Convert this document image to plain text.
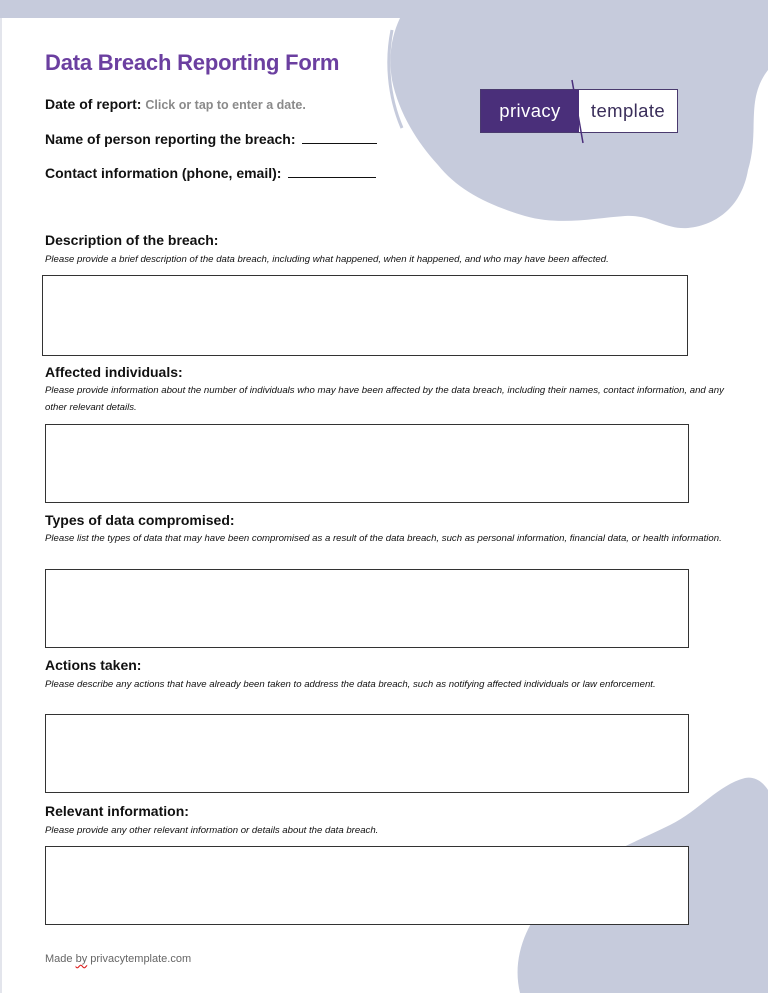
Data Breach Reporting Form
Date of report: Click or tap to enter a date.
Name of person reporting the breach:
Contact information (phone, email):
privacy	template
Description of the breach:
Please provide a brief description of the data breach, including what happened, when it happened, and who may have been affected.
Affected individuals:
Please provide information about the number of individuals who may have been affected by the data breach, including their names, contact information, and any other relevant details.
Types of data compromised:
Please list the types of data that may have been compromised as a result of the data breach, such as personal information, financial data, or health information.
Actions taken:
Please describe any actions that have already been taken to address the data breach, such as notifying affected individuals or law enforcement.
Relevant information:
Please provide any other relevant information or details about the data breach.
Made by privacytemplate.com
